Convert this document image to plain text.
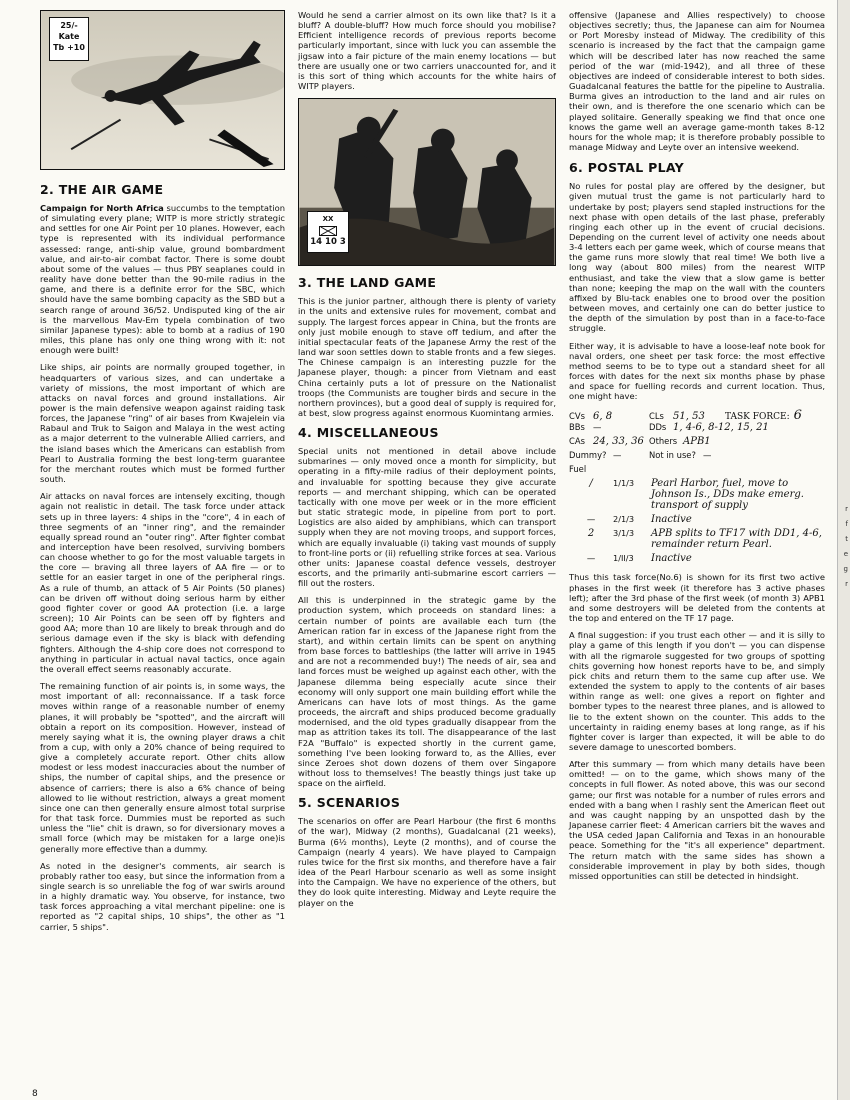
25/-
Kate
Tb +10
2. THE AIR GAME

Campaign for North Africa succumbs to the temptation of simulating every plane; WITP is more strictly strategic and settles for one Air Point per 10 planes. However, each type is represented with its individual performance assessed: range, anti-ship value, ground bombardment value, and air-to-air combat factor. There is some doubt about some of the values — thus PBY seaplanes could in reality have done better than the 90-mile radius in the game, and there is a definite error for the SBC, which should have the same bombing capacity as the SBD but a search range of around 36/52. Undisputed king of the air is the marvellous Mav-Em typela combination of two similar Japanese types): able to bomb at a radius of 190 miles, this plane has only one thing wrong with it: not enough were built!

Like ships, air points are normally grouped together, in headquarters of various sizes, and can undertake a variety of missions, the most important of which are attacks on naval forces and ground installations. Air power is the main defensive weapon against raiding task forces, the Japanese "ring" of air bases from Kwajelein via Rabaul and Truk to Saigon and Malaya in the west acting as a major deterrent to the vulnerable Allied carriers, and the island bases which the Americans can establish from Pearl to Australia forming the best long-term guarantee for the merchant routes which must be formed further south.

Air attacks on naval forces are intensely exciting, though again not realistic in detail. The task force under attack sets up in three layers: 4 ships in the "core", 4 in each of three segments of an "inner ring", and the remainder equally spread round an "outer ring". After fighter combat and interception have been resolved, surviving bombers can choose whether to go for the most valuable targets in the core — braving all three layers of AA fire — or to settle for an easier target in one of the peripheral rings. As a rule of thumb, an attack of 5 Air Points (50 planes) can be driven off without doing serious harm by either good fighter cover or good AA protection (i.e. a large screen); 10 Air Points can be seen off by fighters and good AA; more than 10 are likely to break through and do serious damage even if the sky is black with defending fighters. Although the 4-ship core does not correspond to anything in particular in actual naval tactics, once again the overall effect seems reasonably accurate.

The remaining function of air points is, in some ways, the most important of all: reconnaissance. If a task force moves within range of a reasonable number of enemy planes, it will probably be "spotted", and the aircraft will obtain a report on its composition. However, instead of merely saying what it is, the owning player draws a chit from a cup, with only a 20% chance of being required to give a completely accurate report. Other chits allow modest or less modest inaccuracies about the number of ships, the number of capital ships, and the presence or absence of carriers; there is also a 6% chance of being allowed to lie without restriction, always a great moment since one can then generally ensure almost total surprise for that task force. Dummies must be reported as such unless the "lie" chit is drawn, so for diversionary moves a small force (which may be mistaken for a large one)is generally more effective than a dummy.

As noted in the designer's comments, air search is probably rather too easy, but since the information from a single search is so unreliable the fog of war swirls around in a highly dramatic way. You observe, for instance, two task forces approaching a vital merchant pipeline: one is reported as "2 capital ships, 10 ships", the other as "1 carrier, 5 ships".

Would he send a carrier almost on its own like that? Is it a bluff? A double-bluff? How much force should you mobilise? Efficient intelligence records of previous reports become particularly important, since with luck you can assemble the jigsaw into a fair picture of the main enemy locations — but there are usually one or two carriers unaccounted for, and it is this sort of thing which accounts for the white hairs of WITP players.

XX
14 10 3
3. THE LAND GAME

This is the junior partner, although there is plenty of variety in the units and extensive rules for movement, combat and supply. The largest forces appear in China, but the fronts are only just mobile enough to stave off tedium, and after the initial spectacular feats of the Japanese Army the rest of the land war soon settles down to stable fronts and a few sieges. The Chinese campaign is an interesting puzzle for the Japanese player, though: a pincer from Vietnam and east China certainly puts a lot of pressure on the Nationalist troops (the Communists are tougher birds and secure in the northern provinces), but a good deal of supply is required for, at best, slow progress against enormous Kuomintang armies.

4. MISCELLANEOUS

Special units not mentioned in detail above include submarines — only moved once a month for simplicity, but operating in a fifty-mile radius of their deployment points, and invaluable for spotting because they give accurate reports — and merchant shipping, which can be operated tactically with one move per week or in the more efficient but static strategic mode, in pipeline from port to port. Logistics are also aided by amphibians, which can transport supply when they are not moving troops, and support forces, which are equally invaluable (i) taking vast mounds of supply to front-line ports or (ii) refuelling strike forces at sea. Various other units: Japanese coastal defence vessels, destroyer escorts, and the primarily anti-submarine escort carriers — fill out the rosters.

All this is underpinned in the strategic game by the production system, which proceeds on standard lines: a certain number of points are available each turn (the American ration far in excess of the Japanese right from the start), and within certain limits can be spent on anything from base forces to battleships (the latter will arrive in 1945 and are not a recommended buy!) The needs of air, sea and land forces must be weighed up against each other, with the Japanese dilemma being especially acute since their economy will only support one main building effort while the Americans can have lots of most things. As the game proceeds, the aircraft and ships produced become gradually modernised, and the old types gradually disappear from the map as attrition takes its toll. The disappearance of the last F2A "Buffalo" is expected shortly in the current game, something I've been looking forward to, as the Allies, ever since Zeroes shot down dozens of them over Singapore without loss to themselves! The beastly things just take up space on the airfield.

5. SCENARIOS

The scenarios on offer are Pearl Harbour (the first 6 months of the war), Midway (2 months), Guadalcanal (21 weeks), Burma (6½ months), Leyte (2 months), and of course the Campaign (nearly 4 years). We have played to Campaign rules twice for the first six months, and therefore have a fair idea of the Pearl Harbour scenario as well as some insight into the Campaign. We have no experience of the others, but they do look quite interesting. Midway and Leyte require the player on the

offensive (Japanese and Allies respectively) to choose objectives secretly; thus, the Japanese can aim for Noumea or Port Moresby instead of Midway. The credibility of this scenario is increased by the fact that the campaign game which will be described later has now reached the same period of the war (mid-1942), and all three of these objectives are indeed of considerable interest to both sides. Guadalcanal features the battle for the pipeline to Australia. Burma gives an introduction to the land and air rules on their own, and is therefore the one scenario which can be played solitaire. Generally speaking we find that once one knows the game well an average game-month takes 8-12 hours for the whole map; it is therefore probably possible to manage Midway and Leyte over an intensive weekend.

6. POSTAL PLAY

No rules for postal play are offered by the designer, but given mutual trust the game is not particularly hard to undertake by post; players send stapled instructions for the next phase with open details of the last phase, preferably ringing each other up in the event of crucial decisions. Depending on the current level of activity one needs about 3-4 letters each per game week, which of course means that the game runs more slowly that real time! We both live a long way (about 800 miles) from the nearest WITP enthusiast, and take the view that a slow game is better than none; keeping the map on the wall with the counters affixed by Blu-tack enables one to brood over the position between moves, and certainly one can do better justice to the depth of the simulation by post than in a face-to-face struggle.

Either way, it is advisable to have a loose-leaf note book for naval orders, one sheet per task force: the most effective method seems to be to type out a standard sheet for all forces with dates for the next six months phase by phase and space for fuelling records and current location. Thus, one might have:

CVs 6, 8	CLs 51, 53	TASK FORCE: 6
BBs —	DDs 1, 4-6, 8-12, 15, 21
CAs 24, 33, 36 Others APB1
Dummy? —	Not in use? —
Fuel
/	1/1/3	Pearl Harbor, fuel, move to Johnson Is., DDs make emerg. transport of supply
—	2/1/3	Inactive
2	3/1/3	APB splits to TF17 with DD1, 4-6, remainder return Pearl.
—	1/II/3	Inactive

Thus this task force(No.6) is shown for its first two active phases in the first week (it therefore has 3 active phases left); after the 3rd phase of the first week (of month 3) APB1 and some destroyers will be deleted from the contents at the top and entered on the TF 17 page.

A final suggestion: if you trust each other — and it is silly to play a game of this length if you don't — you can dispense with all the rigmarole suggested for two groups of spotting chits governing how honest reports have to be, and simply pick chits and return them to the same cup after use. We extended the system to apply to the contents of air bases within range as well: one gives a report on fighter and bomber types to the nearest three planes, and is allowed to lie to the extent shown on the counter. This adds to the uncertainty in raiding enemy bases at long range, as if his fighter cover is larger than expected, it will be able to do severe damage to unescorted bombers.

After this summary — from which many details have been omitted! — on to the game, which shows many of the concepts in full flower. As noted above, this was our second game; our first was notable for a number of rules errors and ended with a bang when I rashly sent the American fleet out and was caught napping by an unspotted dash by the Japanese carrier fleet: 4 American carriers bit the waves and the USA ceded Japan California and Texas in an honourable peace. Something for the "it's all experience" department. The return match with the same sides has shown a considerable improvement in play by both sides, though missed opportunities can still be detected in hindsight.

r
f
t
e
g
r
8
